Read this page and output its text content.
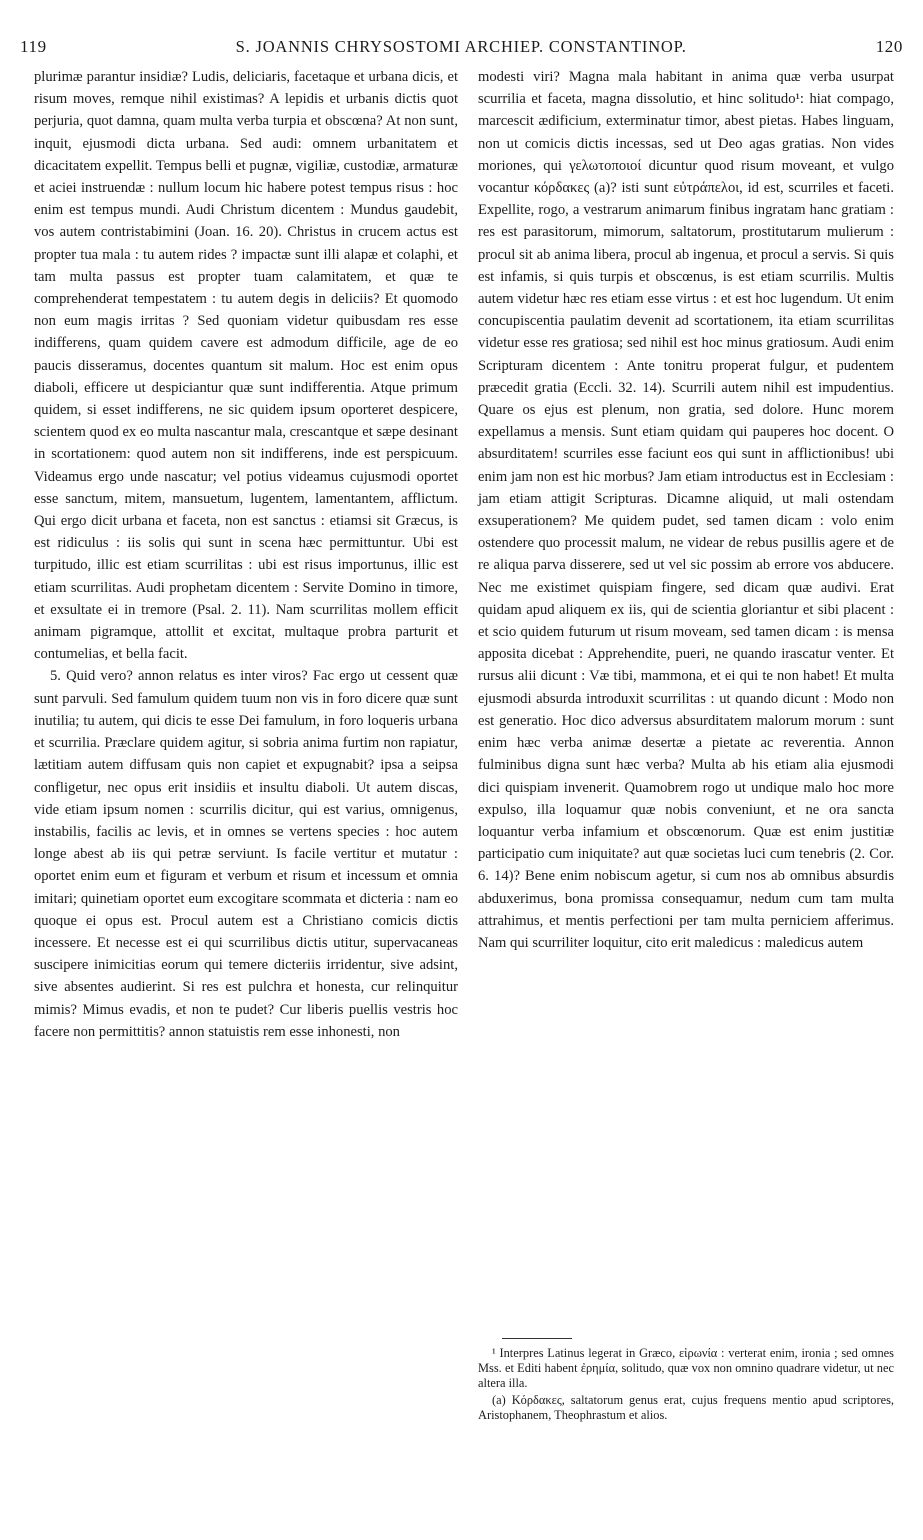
119	S. JOANNIS CHRYSOSTOMI ARCHIEP. CONSTANTINOP.	120

plurimæ parantur insidiæ? Ludis, deliciaris, facetaque et urbana dicis, et risum moves, remque nihil existimas? A lepidis et urbanis dictis quot perjuria, quot damna, quam multa verba turpia et obscœna? At non sunt, inquit, ejusmodi dicta urbana. Sed audi: omnem urbanitatem et dicacitatem expellit. Tempus belli et pugnæ, vigiliæ, custodiæ, armaturæ et aciei instruendæ : nullum locum hic habere potest tempus risus : hoc enim est tempus mundi. Audi Christum dicentem : Mundus gaudebit, vos autem contristabimini (Joan. 16. 20). Christus in crucem actus est propter tua mala : tu autem rides ? impactæ sunt illi alapæ et colaphi, et tam multa passus est propter tuam calamitatem, et quæ te comprehenderat tempestatem : tu autem degis in deliciis? Et quomodo non eum magis irritas ? Sed quoniam videtur quibusdam res esse indifferens, quam quidem cavere est admodum difficile, age de eo paucis disseramus, docentes quantum sit malum. Hoc est enim opus diaboli, efficere ut despiciantur quæ sunt indifferentia. Atque primum quidem, si esset indifferens, ne sic quidem ipsum oporteret despicere, scientem quod ex eo multa nascantur mala, crescantque et sæpe desinant in scortationem: quod autem non sit indifferens, inde est perspicuum. Videamus ergo unde nascatur; vel potius videamus cujusmodi oportet esse sanctum, mitem, mansuetum, lugentem, lamentantem, afflictum. Qui ergo dicit urbana et faceta, non est sanctus : etiamsi sit Græcus, is est ridiculus : iis solis qui sunt in scena hæc permittuntur. Ubi est turpitudo, illic est etiam scurrilitas : ubi est risus importunus, illic est etiam scurrilitas. Audi prophetam dicentem : Servite Domino in timore, et exsultate ei in tremore (Psal. 2. 11). Nam scurrilitas mollem efficit animam pigramque, attollit et excitat, multaque probra parturit et contumelias, et bella facit.

5. Quid vero? annon relatus es inter viros? Fac ergo ut cessent quæ sunt parvuli. Sed famulum quidem tuum non vis in foro dicere quæ sunt inutilia; tu autem, qui dicis te esse Dei famulum, in foro loqueris urbana et scurrilia. Præclare quidem agitur, si sobria anima furtim non rapiatur, lætitiam autem diffusam quis non capiet et expugnabit? ipsa a seipsa confligetur, nec opus erit insidiis et insultu diaboli. Ut autem discas, vide etiam ipsum nomen : scurrilis dicitur, qui est varius, omnigenus, instabilis, facilis ac levis, et in omnes se vertens species : hoc autem longe abest ab iis qui petræ serviunt. Is facile vertitur et mutatur : oportet enim eum et figuram et verbum et risum et incessum et omnia imitari; quinetiam oportet eum excogitare scommata et dicteria : nam eo quoque ei opus est. Procul autem est a Christiano comicis dictis incessere. Et necesse est ei qui scurrilibus dictis utitur, supervacaneas suscipere inimicitias eorum qui temere dicteriis irridentur, sive adsint, sive absentes audierint. Si res est pulchra et honesta, cur relinquitur mimis? Mimus evadis, et non te pudet? Cur liberis puellis vestris hoc facere non permittitis? annon statuistis rem esse inhonesti, non

modesti viri? Magna mala habitant in anima quæ verba usurpat scurrilia et faceta, magna dissolutio, et hinc solitudo¹: hiat compago, marcescit ædificium, exterminatur timor, abest pietas. Habes linguam, non ut comicis dictis incessas, sed ut Deo agas gratias. Non vides moriones, qui γελωτοποιοί dicuntur quod risum moveant, et vulgo vocantur κόρδακες (a)? isti sunt εὐτράπελοι, id est, scurriles et faceti. Expellite, rogo, a vestrarum animarum finibus ingratam hanc gratiam : res est parasitorum, mimorum, saltatorum, prostitutarum mulierum : procul sit ab anima libera, procul ab ingenua, et procul a servis. Si quis est infamis, si quis turpis et obscœnus, is est etiam scurrilis. Multis autem videtur hæc res etiam esse virtus : et est hoc lugendum. Ut enim concupiscentia paulatim devenit ad scortationem, ita etiam scurrilitas videtur esse res gratiosa; sed nihil est hoc minus gratiosum. Audi enim Scripturam dicentem : Ante tonitru properat fulgur, et pudentem præcedit gratia (Eccli. 32. 14). Scurrili autem nihil est impudentius. Quare os ejus est plenum, non gratia, sed dolore. Hunc morem expellamus a mensis. Sunt etiam quidam qui pauperes hoc docent. O absurditatem! scurriles esse faciunt eos qui sunt in afflictionibus! ubi enim jam non est hic morbus? Jam etiam introductus est in Ecclesiam : jam etiam attigit Scripturas. Dicamne aliquid, ut mali ostendam exsuperationem? Me quidem pudet, sed tamen dicam : volo enim ostendere quo processit malum, ne videar de rebus pusillis agere et de re aliqua parva disserere, sed ut vel sic possim ab errore vos abducere. Nec me existimet quispiam fingere, sed dicam quæ audivi. Erat quidam apud aliquem ex iis, qui de scientia gloriantur et sibi placent : et scio quidem futurum ut risum moveam, sed tamen dicam : is mensa apposita dicebat : Apprehendite, pueri, ne quando irascatur venter. Et rursus alii dicunt : Væ tibi, mammona, et ei qui te non habet! Et multa ejusmodi absurda introduxit scurrilitas : ut quando dicunt : Modo non est generatio. Hoc dico adversus absurditatem malorum morum : sunt enim hæc verba animæ desertæ a pietate ac reverentia. Annon fulminibus digna sunt hæc verba? Multa ab his etiam alia ejusmodi dici quispiam invenerit. Quamobrem rogo ut undique malo hoc more expulso, illa loquamur quæ nobis conveniunt, et ne ora sancta loquantur verba infamium et obscœnorum. Quæ est enim justitiæ participatio cum iniquitate? aut quæ societas luci cum tenebris (2. Cor. 6. 14)? Bene enim nobiscum agetur, si cum nos ab omnibus absurdis abduxerimus, bona promissa consequamur, nedum cum tam multa attrahimus, et mentis perfectioni per tam multa perniciem afferimus. Nam qui scurriliter loquitur, cito erit maledicus : maledicus autem

¹ Interpres Latinus legerat in Græco, εἰρωνία : verterat enim, ironia ; sed omnes Mss. et Editi habent ἐρημία, solitudo, quæ vox non omnino quadrare videtur, ut nec altera illa.

(a) Κόρδακες, saltatorum genus erat, cujus frequens mentio apud scriptores, Aristophanem, Theophrastum et alios.
